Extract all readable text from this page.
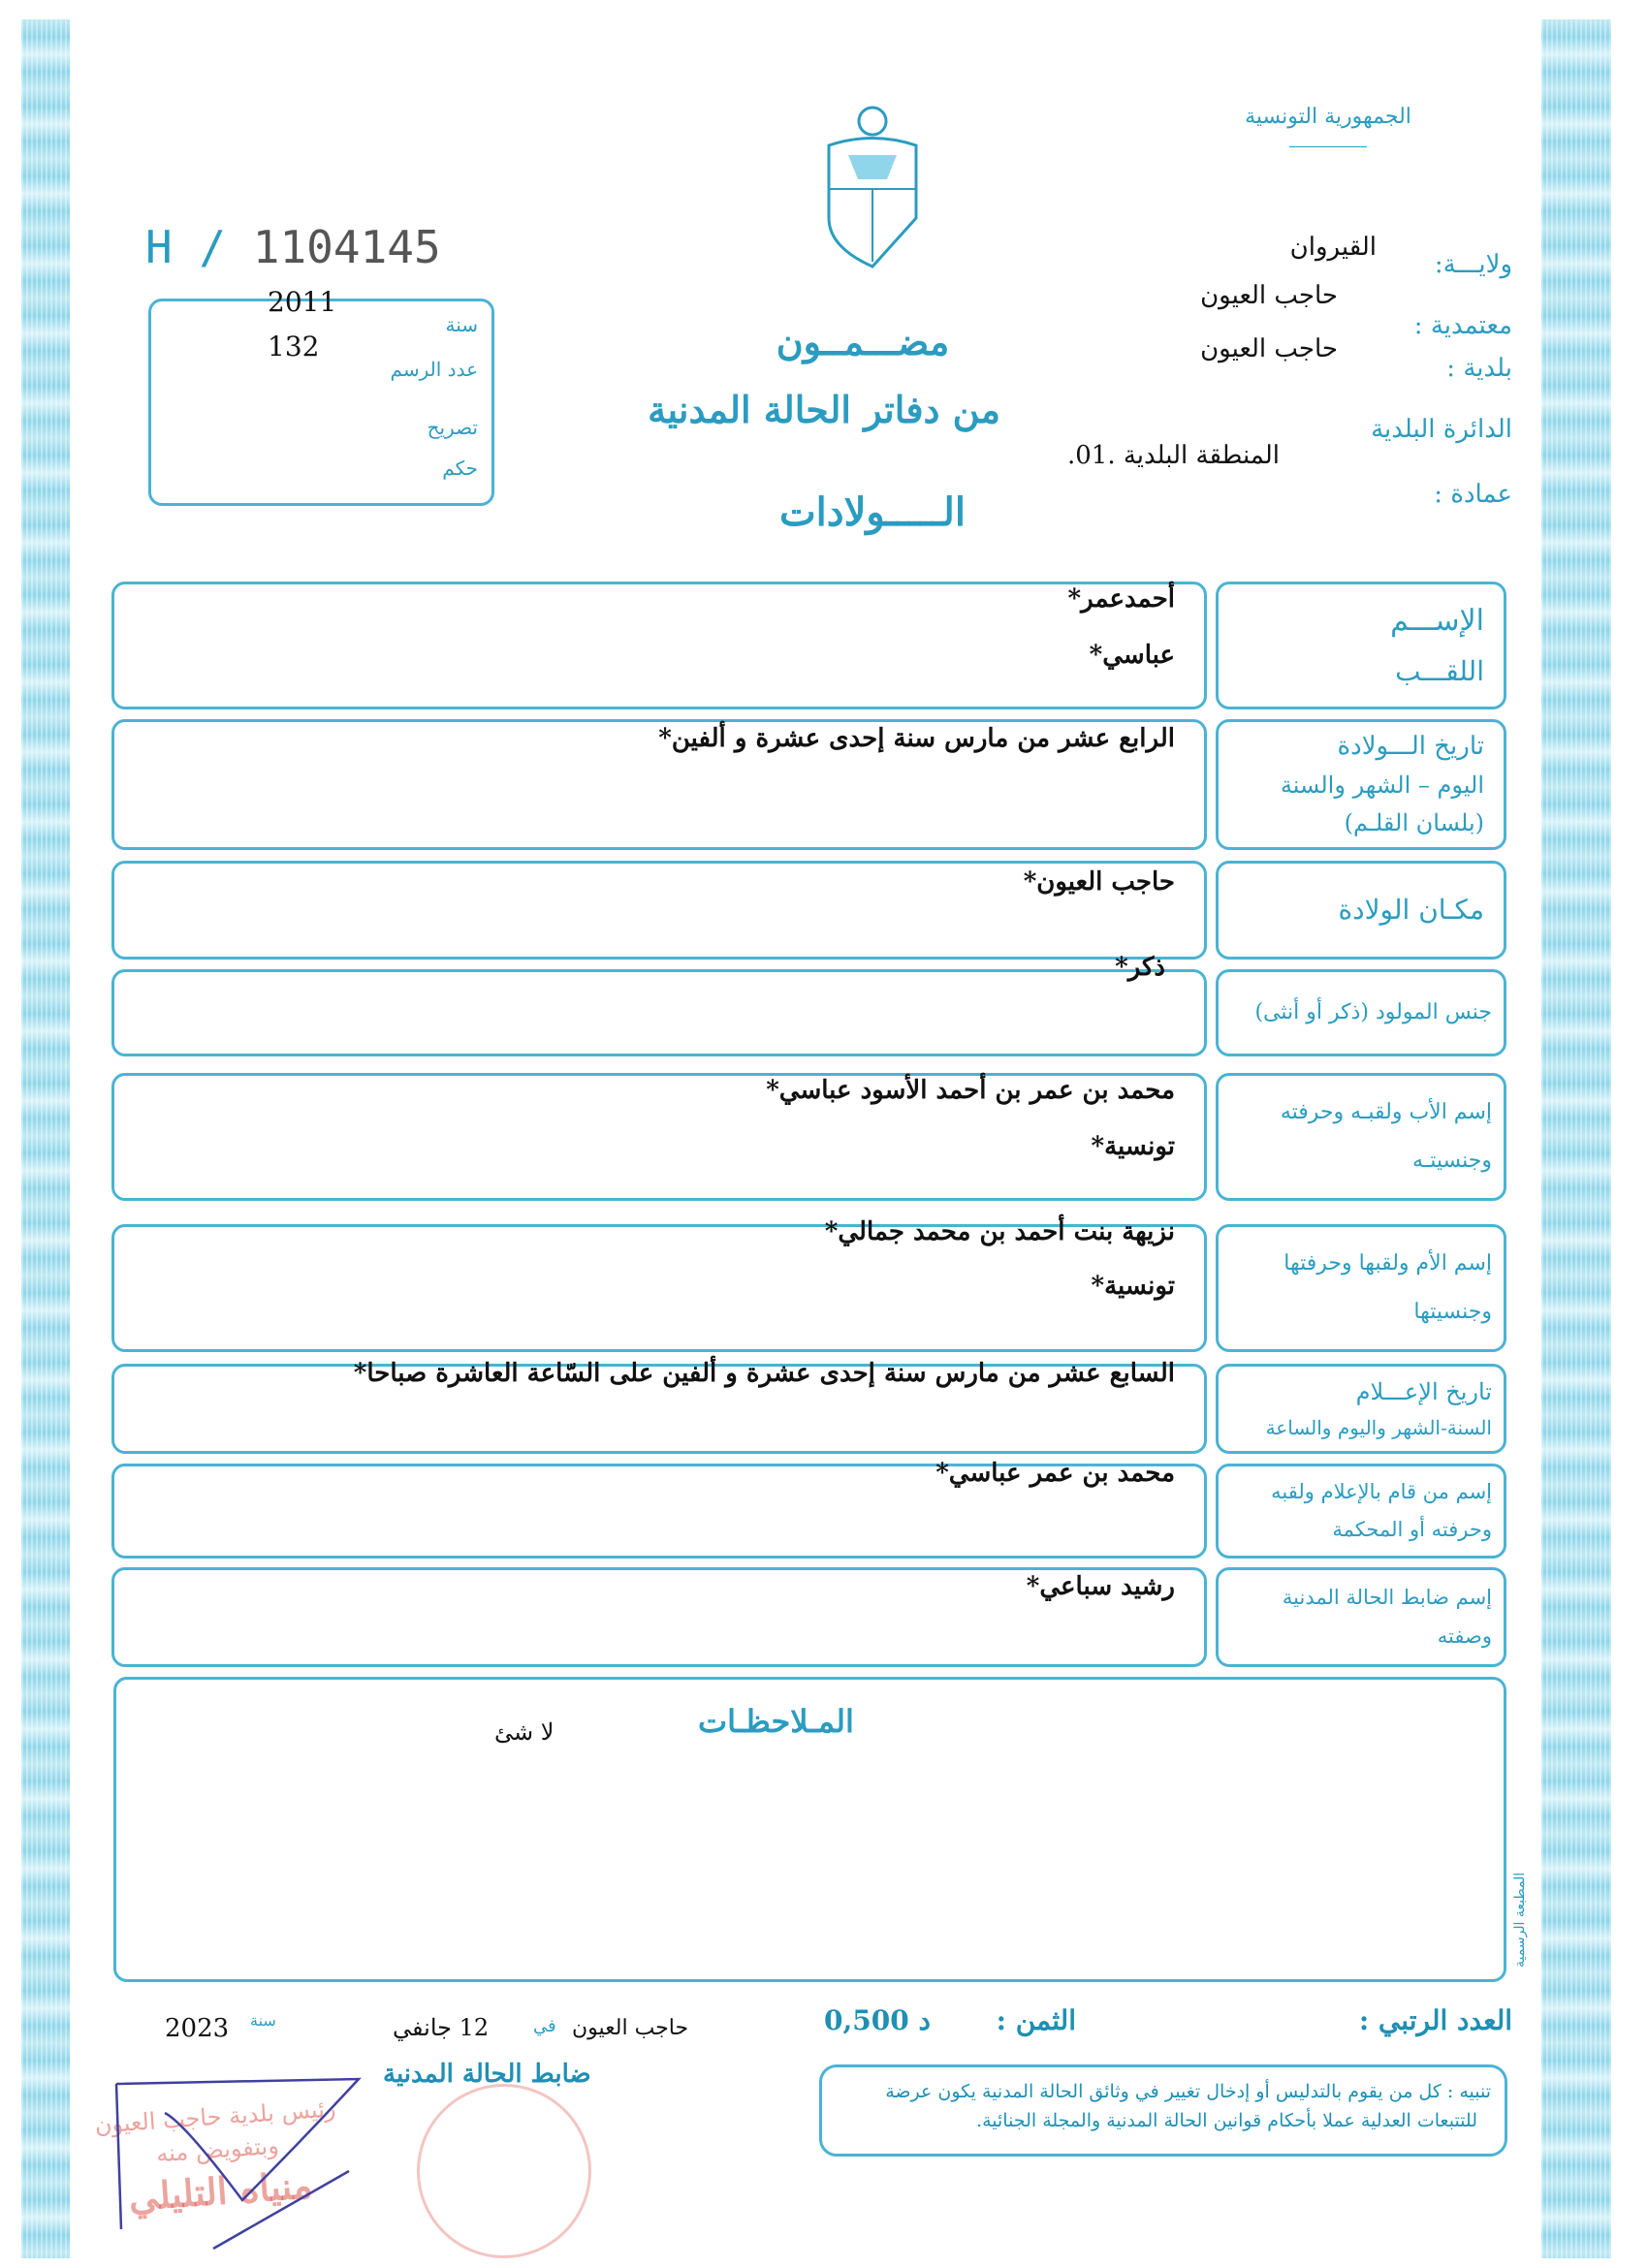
الجمهورية التونسية
H / 1104145
سنة
2011
عدد الرسم
132
تصريح
حكم
ولايـــة:
القيروان
حاجب العيون
معتمدية :
حاجب العيون
بلدية :
الدائرة البلدية
المنطقة البلدية .01.
عمادة :
مضـــمــون
من دفاتر الحالة المدنية
الـــــولادات
أحمدعمر*
عباسي*
الإســـم
اللقـــب
الرابع عشر من مارس سنة إحدى عشرة و ألفين*	تاريخ الـــولادة
اليوم – الشهر والسنة
(بلسان القلـم)
حاجب العيون*
مكـان الولادة
ذكر*
جنس المولود (ذكر أو أنثى)
محمد بن عمر بن أحمد الأسود عباسي*
تونسية*
إسم الأب ولقبـه وحرفته
وجنسيتـه
نزيهة بنت أحمد بن محمد جمالي*
تونسية*
إسم الأم ولقبها وحرفتها
وجنسيتها
السابع عشر من مارس سنة إحدى عشرة و ألفين على السّاعة العاشرة صباحا*
تاريخ الإعـــلام
السنة-الشهر واليوم والساعة
محمد بن عمر عباسي*
إسم من قام بالإعلام ولقبه
وحرفته أو المحكمة
رشيد سباعي*	إسم ضابط الحالة المدنية
وصفته
المـلاحظـات
لا شئ
المطبعة الرسمية
العدد الرتبي :
الثمن :
0,500 د
حاجب العيون
في
12 جانفي
سنة
2023
ضابط الحالة المدنية
تنبيه : كل من يقوم بالتدليس أو إدخال تغيير في وثائق الحالة المدنية يكون عرضة
للتتبعات العدلية عملا بأحكام قوانين الحالة المدنية والمجلة الجنائية.
رئيس بلدية حاجب العيون
وبتفويض منه
منياه التليلي
